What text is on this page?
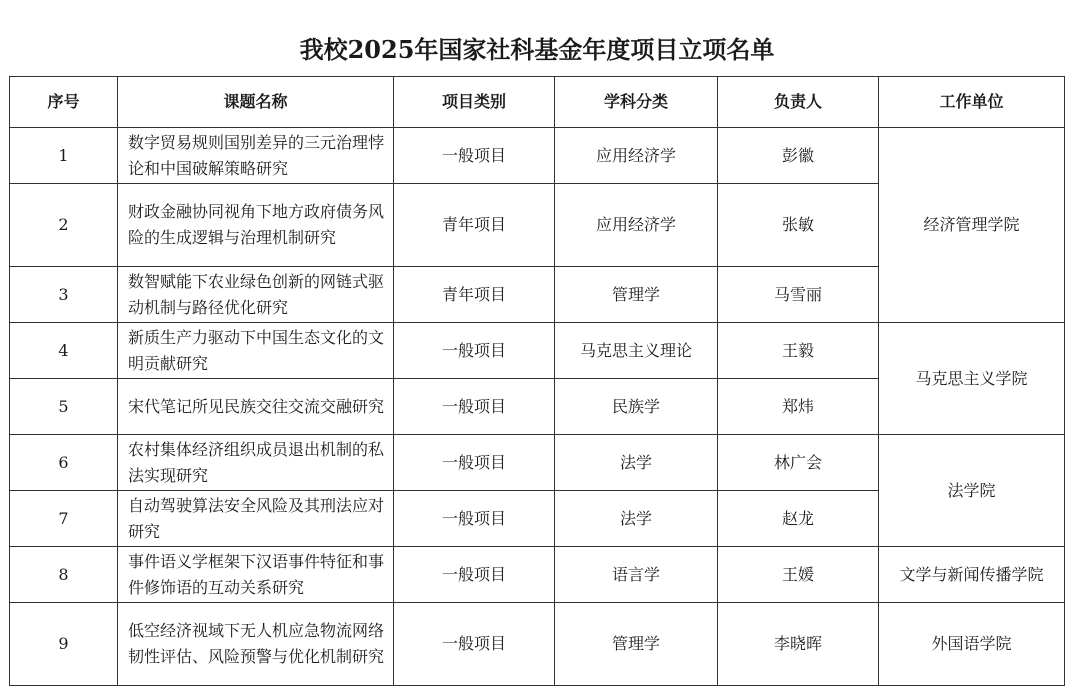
我校2025年国家社科基金年度项目立项名单
序号	课题名称	项目类别	学科分类	负责人	工作单位
1	数字贸易规则国别差异的三元治理悖论和中国破解策略研究	一般项目	应用经济学	彭徽	经济管理学院
2	财政金融协同视角下地方政府债务风险的生成逻辑与治理机制研究	青年项目	应用经济学	张敏	
3	数智赋能下农业绿色创新的网链式驱动机制与路径优化研究	青年项目	管理学	马雪丽	
4	新质生产力驱动下中国生态文化的文明贡献研究	一般项目	马克思主义理论	王毅	马克思主义学院
5	宋代笔记所见民族交往交流交融研究	一般项目	民族学	郑炜	
6	农村集体经济组织成员退出机制的私法实现研究	一般项目	法学	林广会	法学院
7	自动驾驶算法安全风险及其刑法应对研究	一般项目	法学	赵龙	
8	事件语义学框架下汉语事件特征和事件修饰语的互动关系研究	一般项目	语言学	王媛	文学与新闻传播学院
9	低空经济视域下无人机应急物流网络韧性评估、风险预警与优化机制研究	一般项目	管理学	李晓晖	外国语学院
